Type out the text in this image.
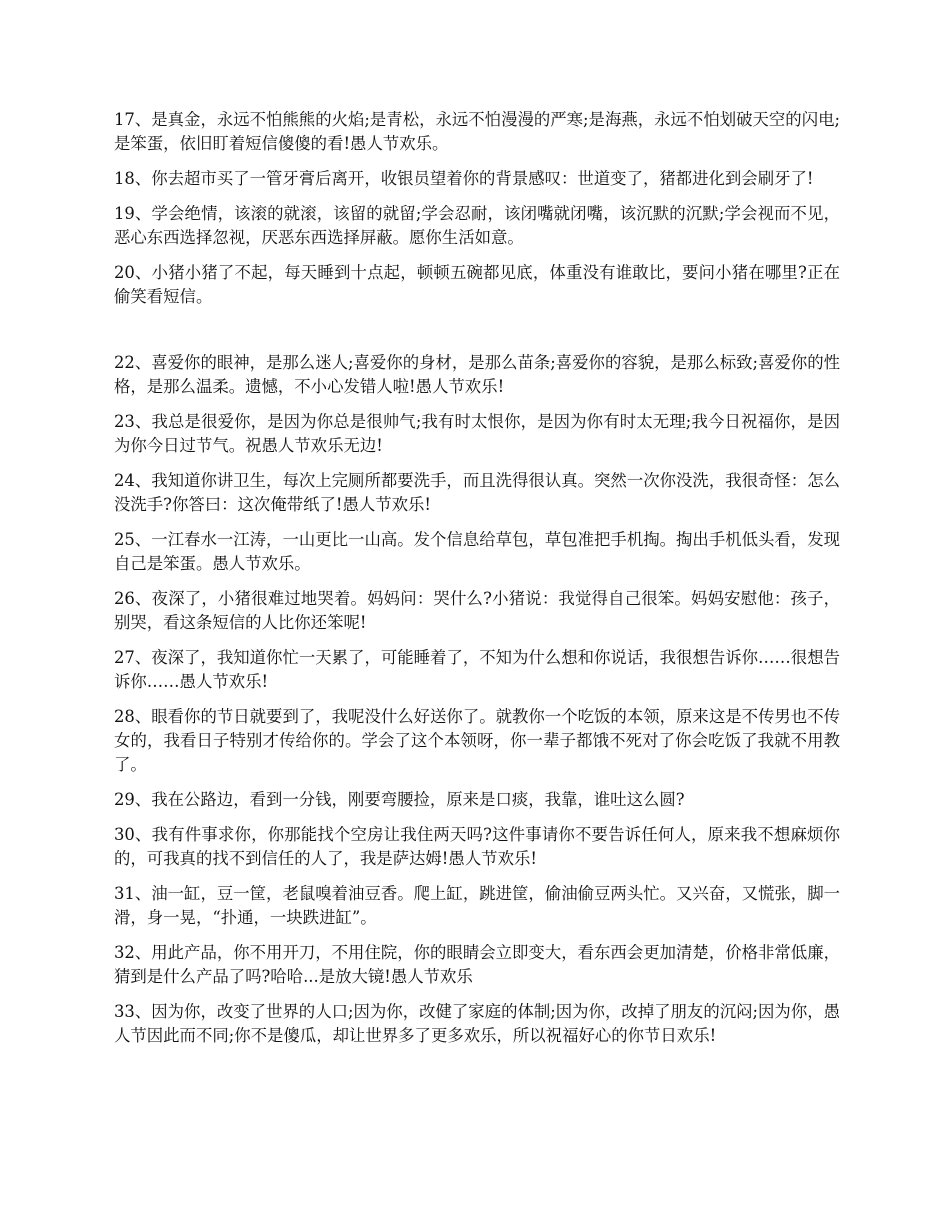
17、是真金，永远不怕熊熊的火焰;是青松，永远不怕漫漫的严寒;是海燕，永远不怕划破天空的闪电;是笨蛋，依旧盯着短信傻傻的看!愚人节欢乐。

18、你去超市买了一管牙膏后离开，收银员望着你的背景感叹：世道变了，猪都进化到会刷牙了!

19、学会绝情，该滚的就滚，该留的就留;学会忍耐，该闭嘴就闭嘴，该沉默的沉默;学会视而不见，恶心东西选择忽视，厌恶东西选择屏蔽。愿你生活如意。

20、小猪小猪了不起，每天睡到十点起，顿顿五碗都见底，体重没有谁敢比，要问小猪在哪里?正在偷笑看短信。

22、喜爱你的眼神，是那么迷人;喜爱你的身材，是那么苗条;喜爱你的容貌，是那么标致;喜爱你的性格，是那么温柔。遗憾，不小心发错人啦!愚人节欢乐!

23、我总是很爱你，是因为你总是很帅气;我有时太恨你，是因为你有时太无理;我今日祝福你，是因为你今日过节气。祝愚人节欢乐无边!

24、我知道你讲卫生，每次上完厕所都要洗手，而且洗得很认真。突然一次你没洗，我很奇怪：怎么没洗手?你答曰：这次俺带纸了!愚人节欢乐!

25、一江春水一江涛，一山更比一山高。发个信息给草包，草包准把手机掏。掏出手机低头看，发现自己是笨蛋。愚人节欢乐。

26、夜深了，小猪很难过地哭着。妈妈问：哭什么?小猪说：我觉得自己很笨。妈妈安慰他：孩子，别哭，看这条短信的人比你还笨呢!

27、夜深了，我知道你忙一天累了，可能睡着了，不知为什么想和你说话，我很想告诉你……很想告诉你……愚人节欢乐!

28、眼看你的节日就要到了，我呢没什么好送你了。就教你一个吃饭的本领，原来这是不传男也不传女的，我看日子特别才传给你的。学会了这个本领呀，你一辈子都饿不死对了你会吃饭了我就不用教了。

29、我在公路边，看到一分钱，刚要弯腰捡，原来是口痰，我靠，谁吐这么圆?

30、我有件事求你，你那能找个空房让我住两天吗?这件事请你不要告诉任何人，原来我不想麻烦你的，可我真的找不到信任的人了，我是萨达姆!愚人节欢乐!

31、油一缸，豆一筐，老鼠嗅着油豆香。爬上缸，跳进筐，偷油偷豆两头忙。又兴奋，又慌张，脚一滑，身一晃，“扑通，一块跌进缸”。

32、用此产品，你不用开刀，不用住院，你的眼睛会立即变大，看东西会更加清楚，价格非常低廉，猜到是什么产品了吗?哈哈...是放大镜!愚人节欢乐

33、因为你，改变了世界的人口;因为你，改健了家庭的体制;因为你，改掉了朋友的沉闷;因为你，愚人节因此而不同;你不是傻瓜，却让世界多了更多欢乐，所以祝福好心的你节日欢乐!
